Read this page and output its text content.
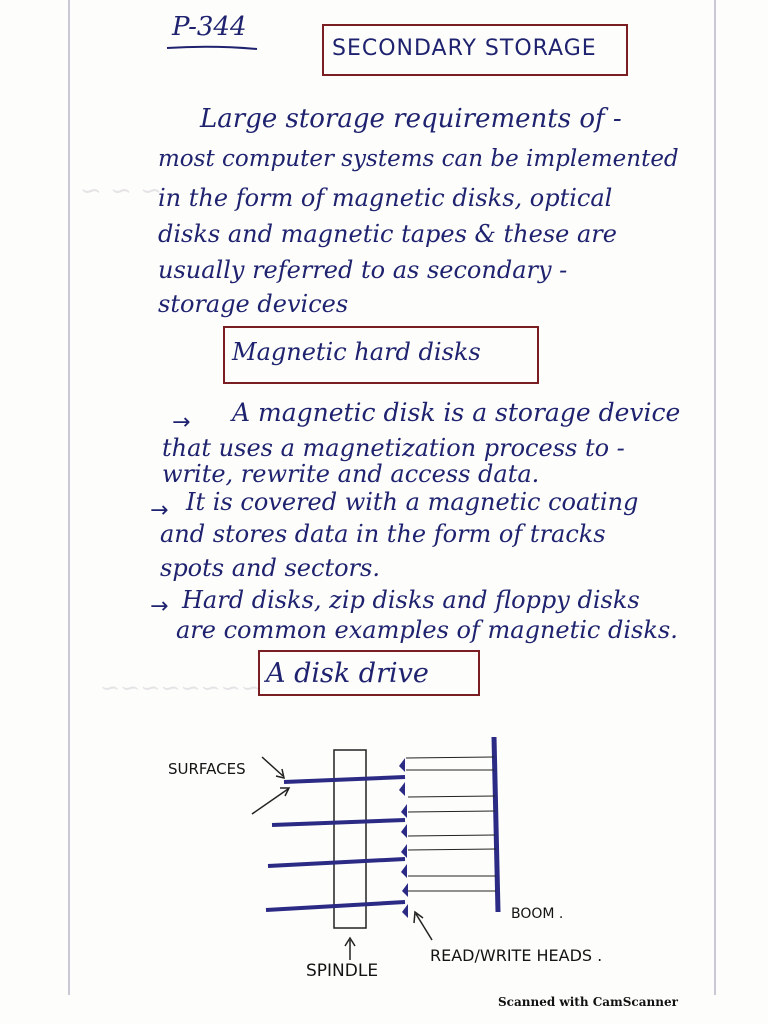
~ ~ ~
~~~~~~~~
P-344
SECONDARY STORAGE
Large storage requirements of -
most computer systems can be implemented
in the form of magnetic disks, optical
disks and magnetic tapes & these are
usually referred to as secondary -
storage devices
Magnetic hard disks
→ A magnetic disk is a storage device
that uses a magnetization process to -
write, rewrite and access data.
→ It is covered with a magnetic coating
and stores data in the form of tracks
spots and sectors.
→ Hard disks, zip disks and floppy disks
are common examples of magnetic disks.
A disk drive
SURFACES
BOOM .
SPINDLE
READ/WRITE HEADS .
Scanned with CamScanner
